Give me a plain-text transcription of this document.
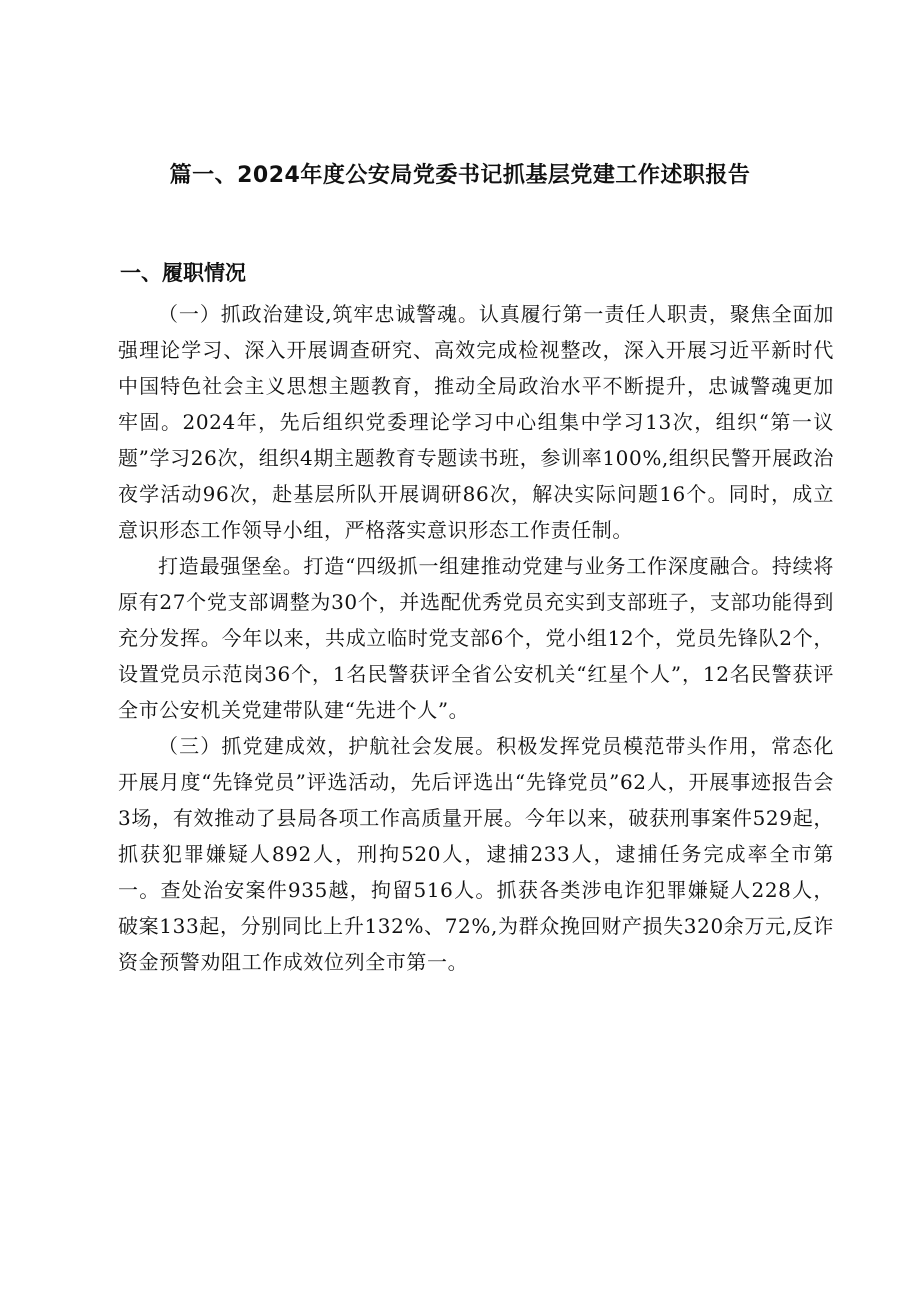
篇一、2024年度公安局党委书记抓基层党建工作述职报告
一、履职情况

（一）抓政治建设,筑牢忠诚警魂。认真履行第一责任人职责，聚焦全面加强理论学习、深入开展调查研究、高效完成检视整改，深入开展习近平新时代中国特色社会主义思想主题教育，推动全局政治水平不断提升，忠诚警魂更加牢固。2024年，先后组织党委理论学习中心组集中学习13次，组织“第一议题”学习26次，组织4期主题教育专题读书班，参训率100%,组织民警开展政治夜学活动96次，赴基层所队开展调研86次，解决实际问题16个。同时，成立意识形态工作领导小组，严格落实意识形态工作责任制。

打造最强堡垒。打造“四级抓一组建推动党建与业务工作深度融合。持续将原有27个党支部调整为30个，并选配优秀党员充实到支部班子，支部功能得到充分发挥。今年以来，共成立临时党支部6个，党小组12个，党员先锋队2个，设置党员示范岗36个，1名民警获评全省公安机关“红星个人”，12名民警获评全市公安机关党建带队建“先进个人”。

（三）抓党建成效，护航社会发展。积极发挥党员模范带头作用，常态化开展月度“先锋党员”评选活动，先后评选出“先锋党员”62人，开展事迹报告会3场，有效推动了县局各项工作高质量开展。今年以来，破获刑事案件529起，抓获犯罪嫌疑人892人，刑拘520人，逮捕233人，逮捕任务完成率全市第一。查处治安案件935越，拘留516人。抓获各类涉电诈犯罪嫌疑人228人，破案133起，分别同比上升132%、72%,为群众挽回财产损失320余万元,反诈资金预警劝阻工作成效位列全市第一。
